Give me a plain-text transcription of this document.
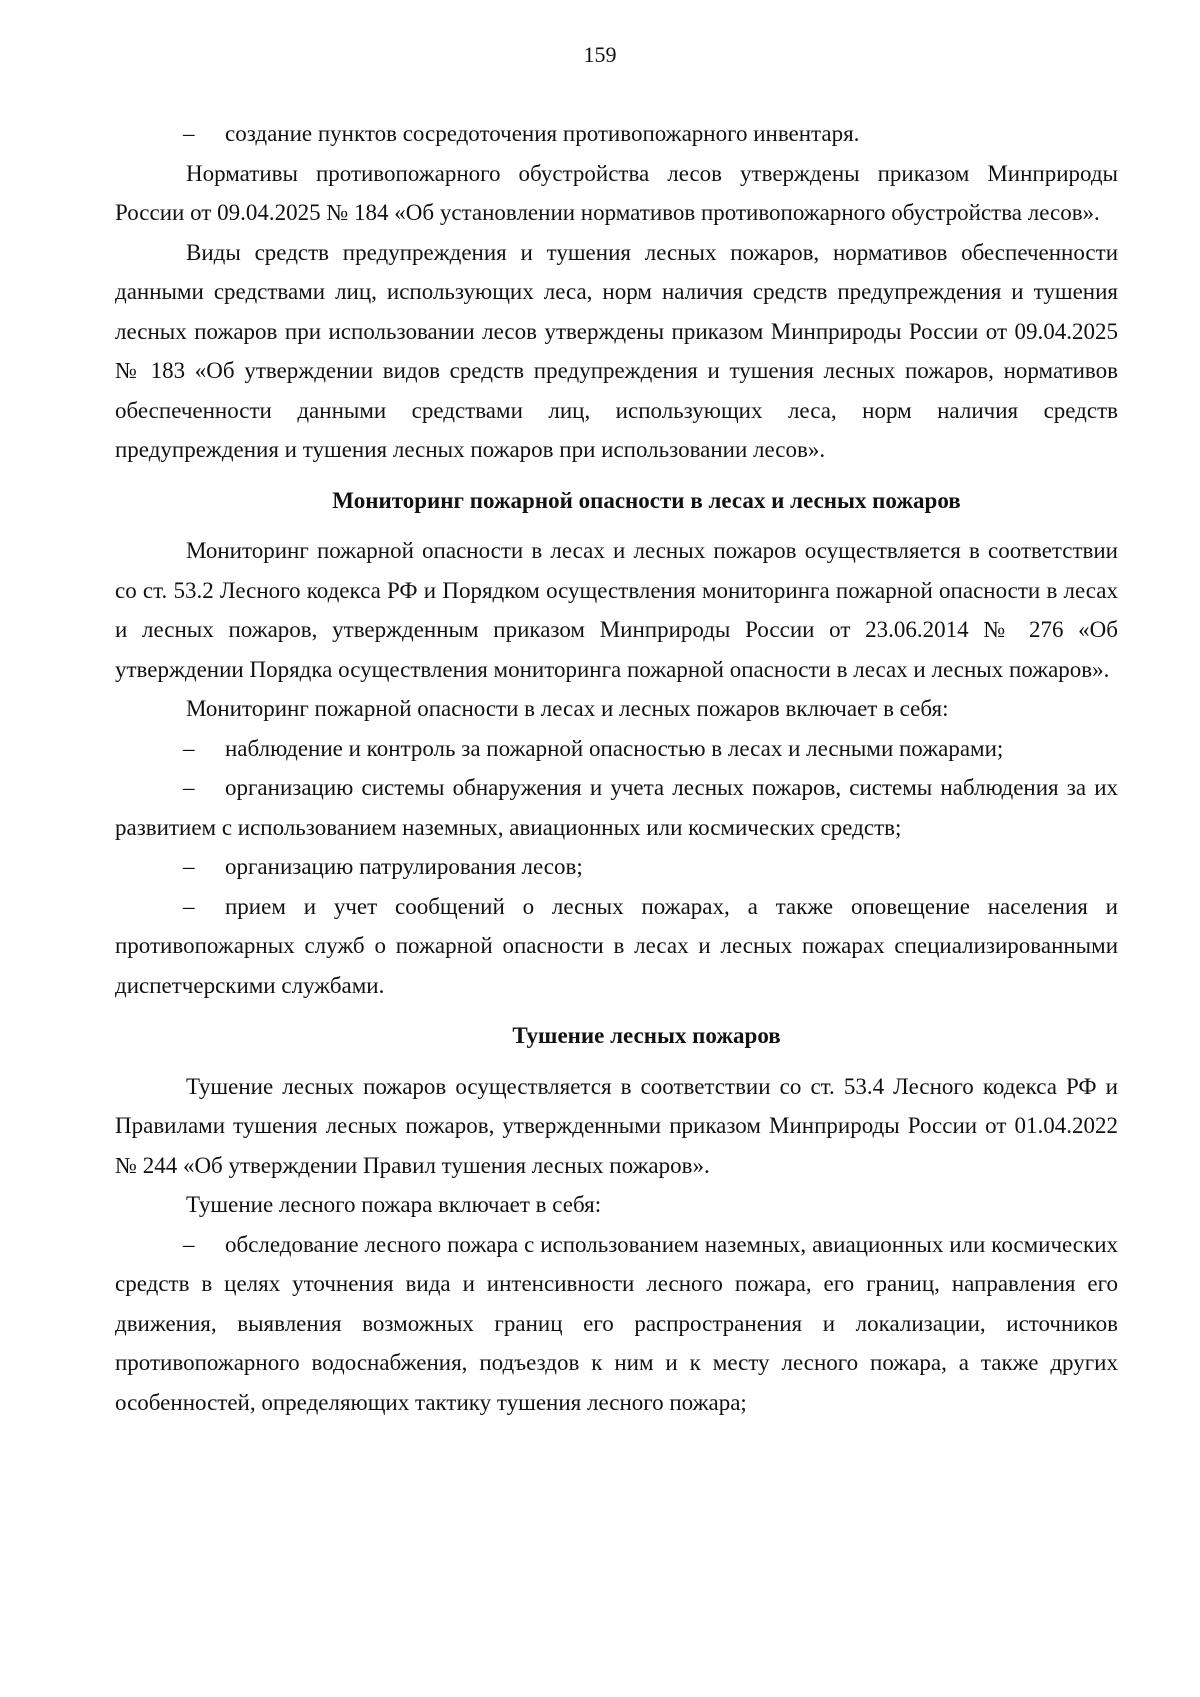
159

–	создание пунктов сосредоточения противопожарного инвентаря.

Нормативы противопожарного обустройства лесов утверждены приказом Минприроды России от 09.04.2025 № 184 «Об установлении нормативов противопожарного обустройства лесов».

Виды средств предупреждения и тушения лесных пожаров, нормативов обеспеченности данными средствами лиц, использующих леса, норм наличия средств предупреждения и тушения лесных пожаров при использовании лесов утверждены приказом Минприроды России от 09.04.2025 № 183 «Об утверждении видов средств предупреждения и тушения лесных пожаров, нормативов обеспеченности данными средствами лиц, использующих леса, норм наличия средств предупреждения и тушения лесных пожаров при использовании лесов».

Мониторинг пожарной опасности в лесах и лесных пожаров

Мониторинг пожарной опасности в лесах и лесных пожаров осуществляется в соответствии со ст. 53.2 Лесного кодекса РФ и Порядком осуществления мониторинга пожарной опасности в лесах и лесных пожаров, утвержденным приказом Минприроды России от 23.06.2014 № 276 «Об утверждении Порядка осуществления мониторинга пожарной опасности в лесах и лесных пожаров».

Мониторинг пожарной опасности в лесах и лесных пожаров включает в себя:

–	наблюдение и контроль за пожарной опасностью в лесах и лесными пожарами;

–	организацию системы обнаружения и учета лесных пожаров, системы наблюдения за их развитием с использованием наземных, авиационных или космических средств;

–	организацию патрулирования лесов;

–	прием и учет сообщений о лесных пожарах, а также оповещение населения и противопожарных служб о пожарной опасности в лесах и лесных пожарах специализированными диспетчерскими службами.

Тушение лесных пожаров

Тушение лесных пожаров осуществляется в соответствии со ст. 53.4 Лесного кодекса РФ и Правилами тушения лесных пожаров, утвержденными приказом Минприроды России от 01.04.2022 № 244 «Об утверждении Правил тушения лесных пожаров».

Тушение лесного пожара включает в себя:

–	обследование лесного пожара с использованием наземных, авиационных или космических средств в целях уточнения вида и интенсивности лесного пожара, его границ, направления его движения, выявления возможных границ его распространения и локализации, источников противопожарного водоснабжения, подъездов к ним и к месту лесного пожара, а также других особенностей, определяющих тактику тушения лесного пожара;
